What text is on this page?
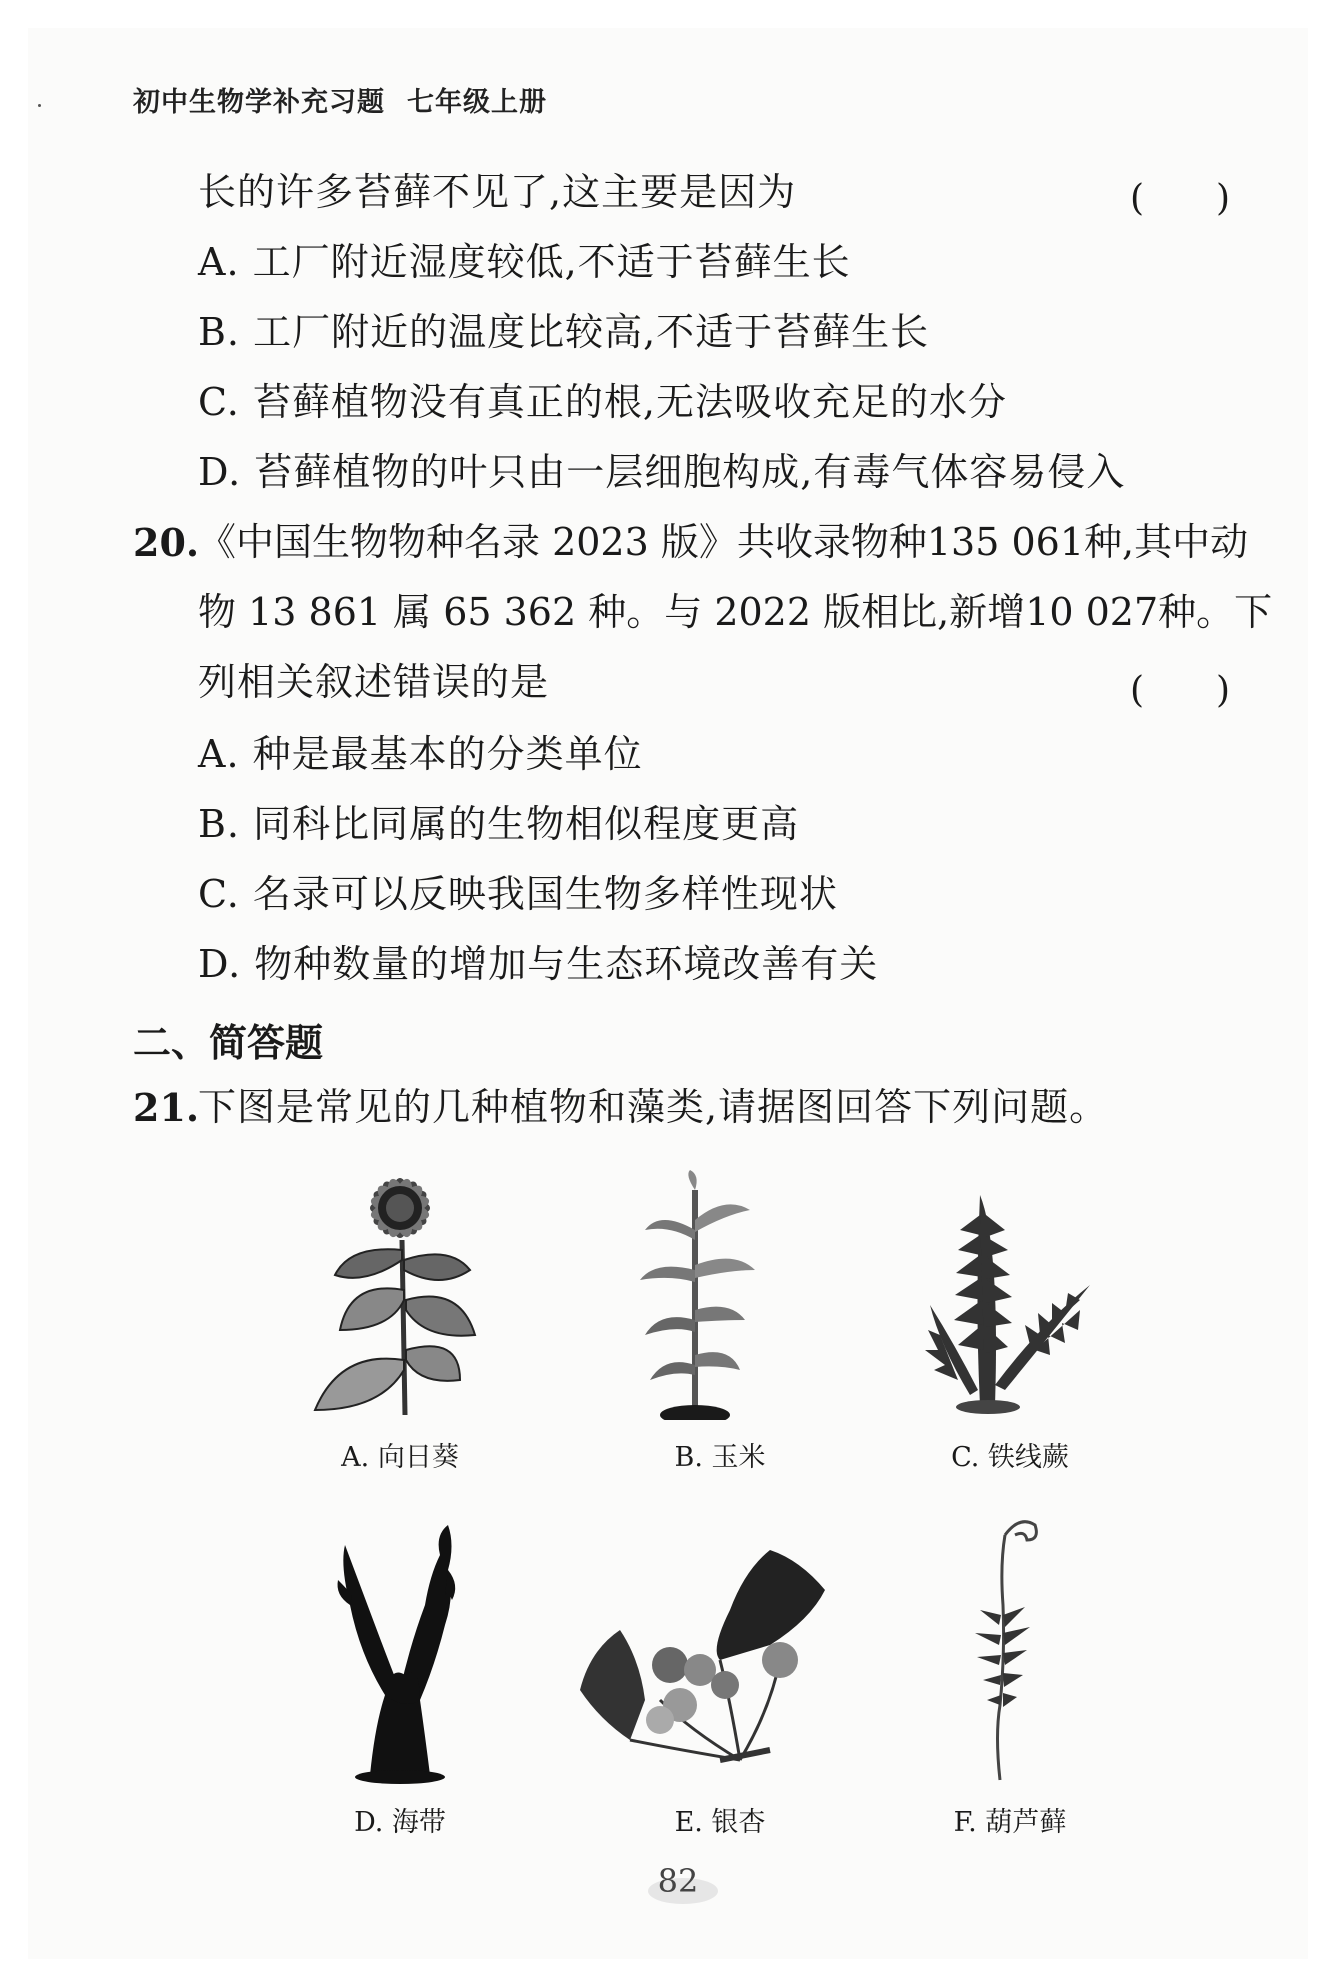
初中生物学补充习题 七年级上册
长的许多苔藓不见了,这主要是因为	(　　)
A. 工厂附近湿度较低,不适于苔藓生长
B. 工厂附近的温度比较高,不适于苔藓生长
C. 苔藓植物没有真正的根,无法吸收充足的水分
D. 苔藓植物的叶只由一层细胞构成,有毒气体容易侵入
20.
《中国生物物种名录 2023 版》共收录物种135 061种,其中动
物 13 861 属 65 362 种。与 2022 版相比,新增10 027种。下
列相关叙述错误的是	(　　)
A. 种是最基本的分类单位
B. 同科比同属的生物相似程度更高
C. 名录可以反映我国生物多样性现状
D. 物种数量的增加与生态环境改善有关
二、简答题
21.
下图是常见的几种植物和藻类,请据图回答下列问题。
A. 向日葵	B. 玉米	C. 铁线蕨
D. 海带	E. 银杏	F. 葫芦藓
82
